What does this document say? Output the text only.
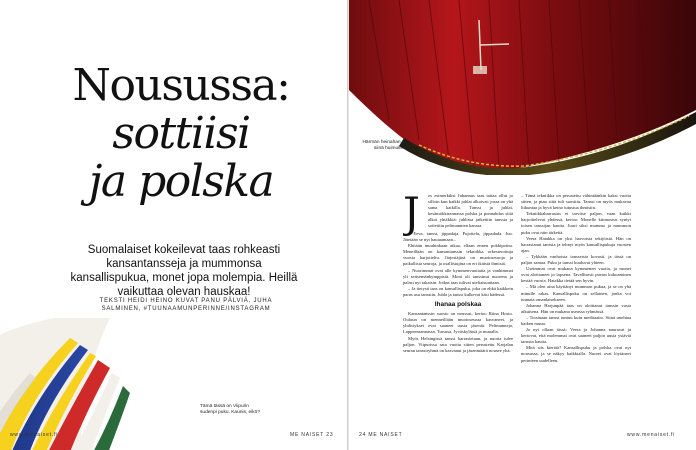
Nousussa:
sottiisi
ja polska
Suomalaiset kokeilevat taas rohkeasti kansantansseja ja mummonsa kansallispukua, monet jopa molempia. Heillä vaikuttaa olevan hauskaa!
TEKSTI HEIDI HEINO KUVAT PANU PÄLVIÄ, JUHA SALMINEN, #TUUNAAMUNPERINNE/INSTAGRAM
Tämä tässä on Viipurin sudenpi puku. Kaunis, eikö?
www.menaiset.fi	ME NAISET 23
Härmän heinahan se siinä huimuilee.
J	os esimerkiksi Juhannus taas taitaa ollut jo silloin kun kaikki juhlat alkoivat: jossa on yhä sama kaikilla. Tanssi ja juhlat, kesämökkirannassa polska ja ponnahdus siitä alkoi yhtäkkiä: juhlissa jatkettiin tanssia ja soitettiin pelimannien kanssa.

– Eeva, tanssi, jippadaja. Pujottelu, jippadada. Juo. Jätetään se nyt hautaamaan...

Ehtiään muuhinkaan aikaa, ellaan ennen pokkipoinu. Meneillään on kansantanssin tekniikka orkesteroituja vuosia harjoiteltu. Järjestäjinä on muotoseuroja ja paikallisia seuroja, ja osallistujina on eri ikäisiä ihmisiä.

– Nuorimmat ovat alle kymmenvuotiaita ja vanhimmat yli seitsemänkymppisiä. Moni oli tanssinut nuorena ja palasi nyt takaisin. Jotkut taas tulivat uteliaisuuttaan.

– Ja tietysti taas on kansallispuku, joka on ehkä kaikkein paras asu tanssiin. Juhla ja tanssi kulkevat käsi kädessä.

Ihanaa polskaa

Kansantanssin suosio on noussut, kertoo Riina Hosio. Ouluun on menneillään muotoseuraa kasvaneet, ja yhdistykset ovat saaneet uusia jäseniä. Pelimanneja, Lappeenrannassa, Turussa, Jyväskylässä ja muualla.

Myös Helsingissä tanssi harrastetaan, ja nuoria tulee paljon. Viipurissa sata vuotta sitten perustettu Karjalan seuran tanssiryhmä on kasvanut ja jäsenmäärä nousee yhä.

– Tämä tekniikka on perustettu vähintäänkin kaksi vuotta sitten, ja pian siitä tuli suosittu. Tanssi on myös mukavaa liikuntaa ja hyvä keino tutustua ihmisiin.

Tekniikkaharrastus ei tarvitse paljon, vaan kaikki harjoittelevat yhdessä, kertoo. Monelle kiinnostus syntyi toisen tanssijan kautta. Juuri siksi mummo ja mummon puku ovat niin tärkeitä.

Veera Hatakka on yksi harvoista tekijöistä. Hän on harrastanut tanssia ja tehnyt myös kansallispukuja vuosien ajan.

– Tykkään vanhoista tansseista kovasti, ja tässä on paljon samaa. Puku ja tanssi kuuluvat yhteen.

Useimmat ovat mukana kymmenen vuotta, ja monet ovat aloittaneet jo lapsena. Tavallisesti puvun kokoaminen kestää vuosia. Hatakka tietää sen hyvin.

– Mä olen aina käyttänyt mummon pukua, ja se on yhä minulle rakas. Kansallispuku on sellainen, jonka voi tuunata omanlaisekseen.

Johanna Harjunpää taas on aloittanut tanssin vasta aikuisena. Hän on mukana useassa ryhmässä.

– Toisinaan tanssi tuntuu kuin meditaatio. Siinä unohtaa kaiken muun.

Ja nyt ollaan tässä: Veera ja Johanna nauravat ja kertovat, että molemmat ovat saaneet paljon uusia ystäviä tanssin kautta.

Mitä siis kiertää? Kansallispuku ja polska ovat nyt nousussa, ja se näkyy kaikkialla. Nuoret ovat löytäneet perinteen uudelleen.

24 ME NAISET	www.menaiset.fi
